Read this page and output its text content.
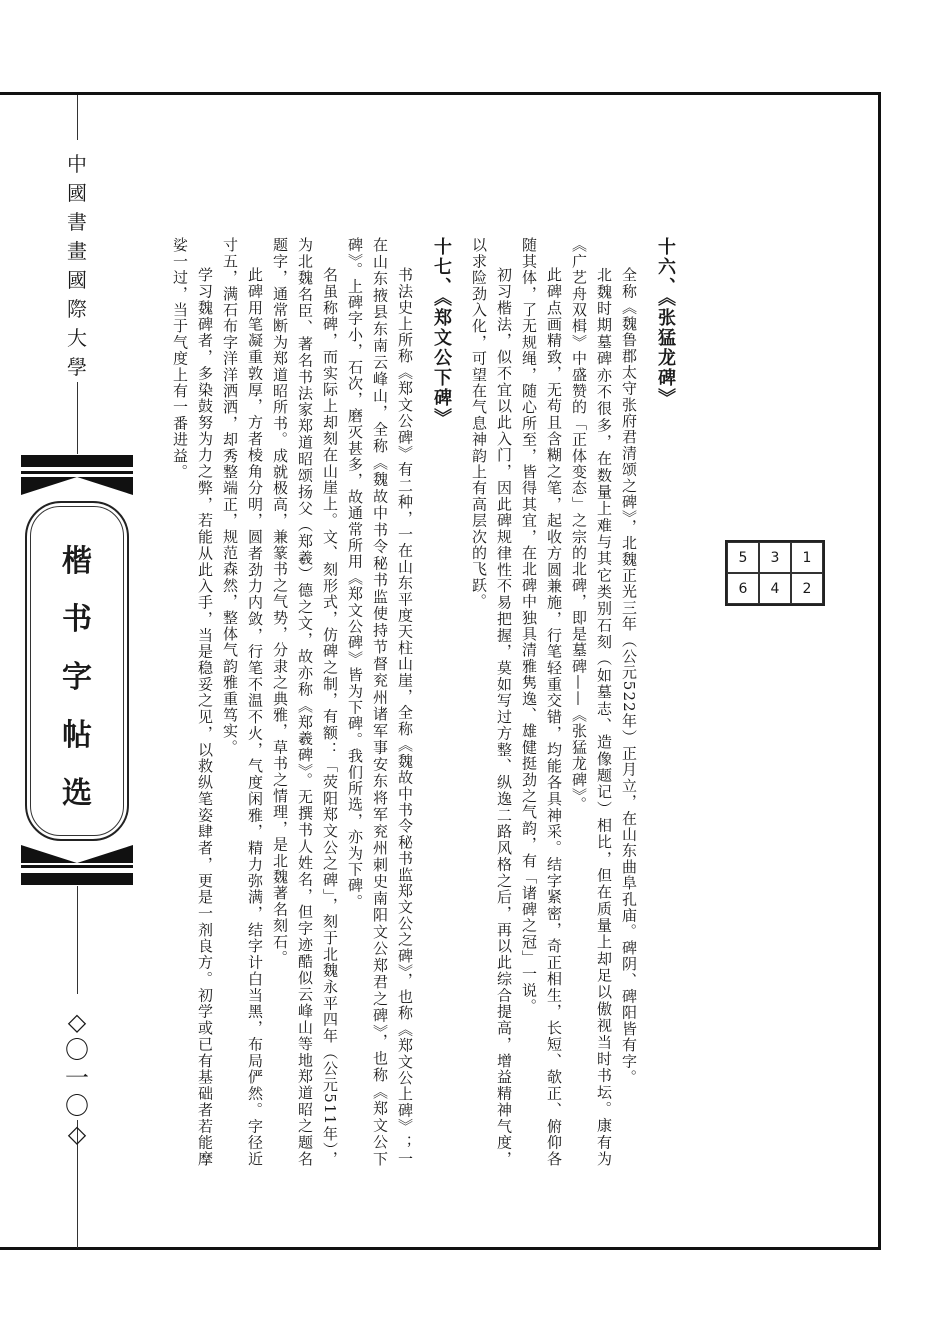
中
國
書
畫
國
際
大
學
楷
书
字
帖
选
◇
〇
一
〇
◇
5	3	1
6	4	2
十六、《张猛龙碑》

全称《魏鲁郡太守张府君清颂之碑》，北魏正光三年（公元522年）正月立，在山东曲阜孔庙。碑阴、碑阳皆有字。

北魏时期墓碑亦不很多，在数量上难与其它类别石刻（如墓志、造像题记）相比，但在质量上却足以傲视当时书坛。康有为《广艺舟双楫》中盛赞的「正体变态」之宗的北碑，即是墓碑——《张猛龙碑》。

此碑点画精致，无苟且含糊之笔，起收方圆兼施，行笔轻重交错，均能各具神采。结字紧密，奇正相生，长短、欹正、俯仰各随其体，了无规绳，随心所至，皆得其宜，在北碑中独具清雅隽逸、雄健挺劲之气韵，有「诸碑之冠」一说。

初习楷法，似不宜以此入门，因此碑规律性不易把握，莫如写过方整、纵逸二路风格之后，再以此综合提高，增益精神气度，以求险劲入化，可望在气息神韵上有高层次的飞跃。

十七、《郑文公下碑》

书法史上所称《郑文公碑》有二种，一在山东平度天柱山崖，全称《魏故中书令秘书监郑文公之碑》，也称《郑文公上碑》；一在山东掖县东南云峰山，全称《魏故中书令秘书监使持节督兖州诸军事安东将军兖州刺史南阳文公郑君之碑》，也称《郑文公下碑》。上碑字小，石次，磨灭甚多，故通常所用《郑文公碑》皆为下碑。我们所选，亦为下碑。

名虽称碑，而实际上却刻在山崖上。文、刻形式，仿碑之制，有额：「荧阳郑文公之碑」，刻于北魏永平四年（公元511年），为北魏名臣、著名书法家郑道昭颂扬父（郑羲）德之文，故亦称《郑羲碑》。无撰书人姓名，但字迹酷似云峰山等地郑道昭之题名题字，通常断为郑道昭所书。成就极高，兼篆书之气势，分隶之典雅，草书之情理，是北魏著名刻石。

此碑用笔凝重敦厚，方者棱角分明，圆者劲力内敛，行笔不温不火，气度闲雅，精力弥满，结字计白当黑，布局俨然。字径近寸五，满石布字洋洋洒洒，却秀整端正，规范森然，整体气韵雅重笃实。

学习魏碑者，多染鼓努为力之弊，若能从此入手，当是稳妥之见，以救纵笔姿肆者，更是一剂良方。初学或已有基础者若能摩娑一过，当于气度上有一番进益。
